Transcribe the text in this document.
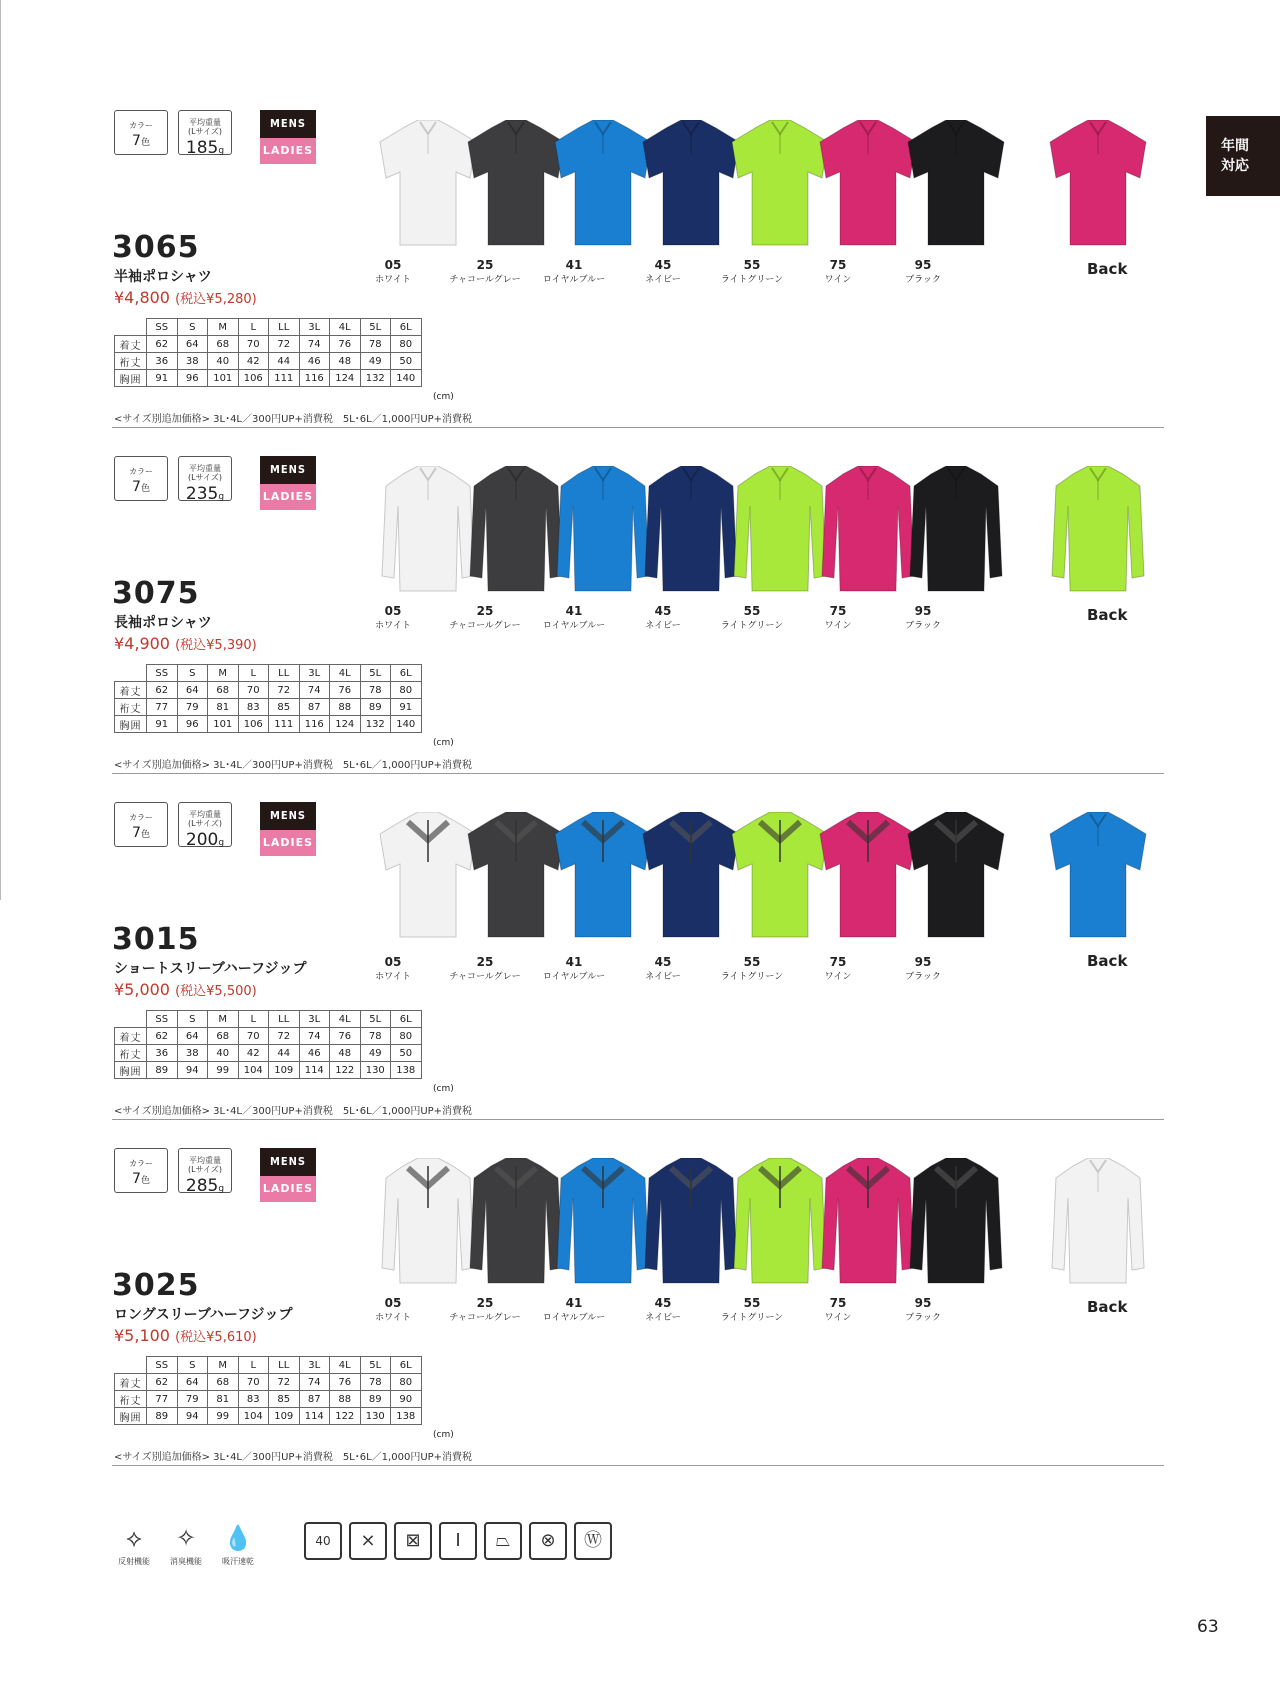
年間
対応
カラー
7色
平均重量
(Lサイズ)
185g
MENS
LADIES
3065
半袖ポロシャツ
¥4,800 (税込¥5,280)
	SS	S	M	L	LL	3L	4L	5L	6L
着丈	62	64	68	70	72	74	76	78	80
裄丈	36	38	40	42	44	46	48	49	50
胸囲	91	96	101	106	111	116	124	132	140
(cm)
<サイズ別追加価格> 3L･4L／300円UP+消費税　5L･6L／1,000円UP+消費税
05
ホワイト
25
チャコールグレー
41
ロイヤルブルー
45
ネイビー
55
ライトグリーン
75
ワイン
95
ブラック
Back
カラー
7色
平均重量
(Lサイズ)
235g
MENS
LADIES
3075
長袖ポロシャツ
¥4,900 (税込¥5,390)
	SS	S	M	L	LL	3L	4L	5L	6L
着丈	62	64	68	70	72	74	76	78	80
裄丈	77	79	81	83	85	87	88	89	91
胸囲	91	96	101	106	111	116	124	132	140
(cm)
<サイズ別追加価格> 3L･4L／300円UP+消費税　5L･6L／1,000円UP+消費税
05
ホワイト
25
チャコールグレー
41
ロイヤルブルー
45
ネイビー
55
ライトグリーン
75
ワイン
95
ブラック
Back
カラー
7色
平均重量
(Lサイズ)
200g
MENS
LADIES
3015
ショートスリーブハーフジップ
¥5,000 (税込¥5,500)
	SS	S	M	L	LL	3L	4L	5L	6L
着丈	62	64	68	70	72	74	76	78	80
裄丈	36	38	40	42	44	46	48	49	50
胸囲	89	94	99	104	109	114	122	130	138
(cm)
<サイズ別追加価格> 3L･4L／300円UP+消費税　5L･6L／1,000円UP+消費税
05
ホワイト
25
チャコールグレー
41
ロイヤルブルー
45
ネイビー
55
ライトグリーン
75
ワイン
95
ブラック
Back
カラー
7色
平均重量
(Lサイズ)
285g
MENS
LADIES
3025
ロングスリーブハーフジップ
¥5,100 (税込¥5,610)
	SS	S	M	L	LL	3L	4L	5L	6L
着丈	62	64	68	70	72	74	76	78	80
裄丈	77	79	81	83	85	87	88	89	90
胸囲	89	94	99	104	109	114	122	130	138
(cm)
<サイズ別追加価格> 3L･4L／300円UP+消費税　5L･6L／1,000円UP+消費税
05
ホワイト
25
チャコールグレー
41
ロイヤルブルー
45
ネイビー
55
ライトグリーン
75
ワイン
95
ブラック
Back
⟡
反射機能
✧
消臭機能
💧
吸汗速乾
40	⨯	⊠	Ⅰ	⏢	⊗	Ⓦ
63
